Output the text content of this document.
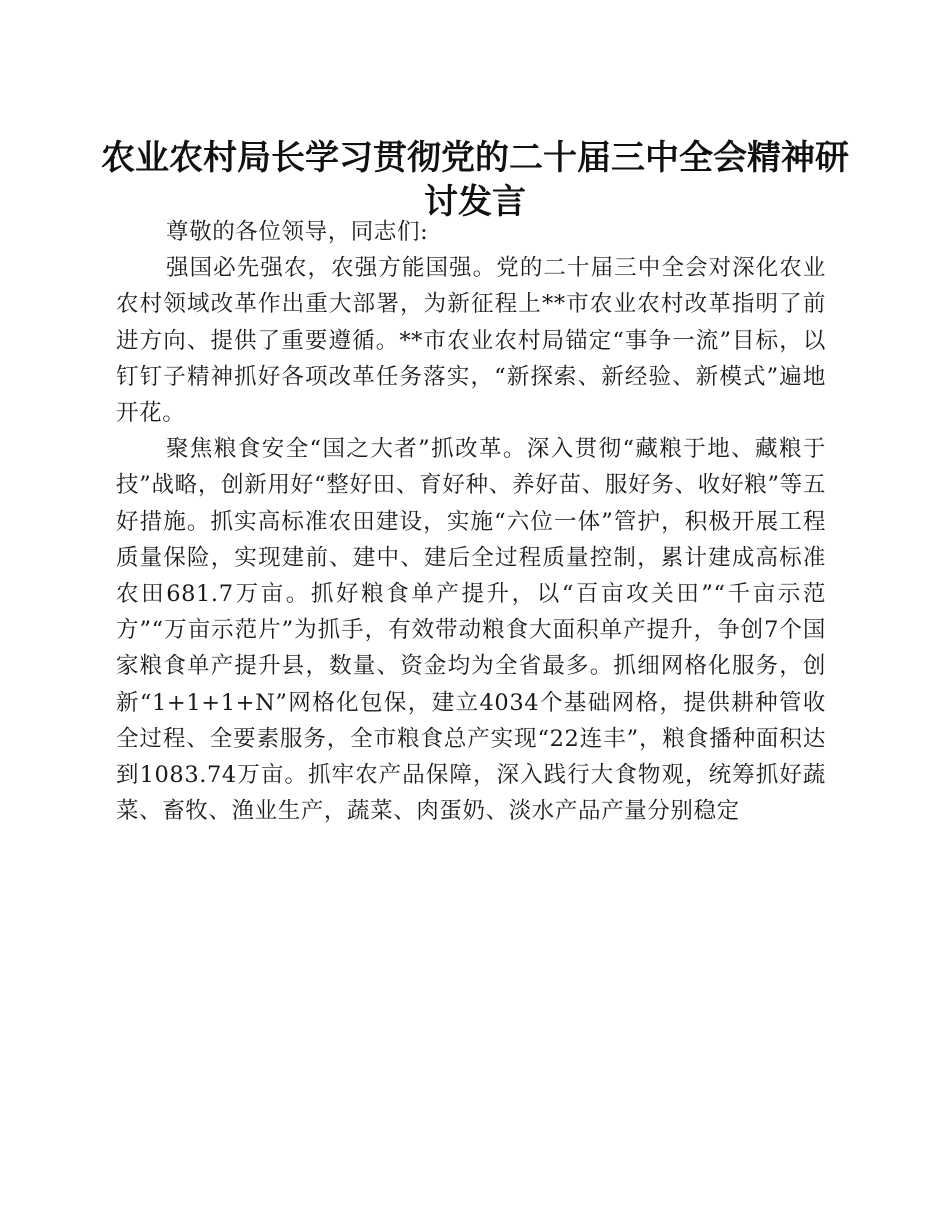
农业农村局长学习贯彻党的二十届三中全会精神研讨发言

尊敬的各位领导，同志们:

强国必先强农，农强方能国强。党的二十届三中全会对深化农业农村领域改革作出重大部署，为新征程上**市农业农村改革指明了前进方向、提供了重要遵循。**市农业农村局锚定“事争一流”目标，以钉钉子精神抓好各项改革任务落实，“新探索、新经验、新模式”遍地开花。

聚焦粮食安全“国之大者”抓改革。深入贯彻“藏粮于地、藏粮于技”战略，创新用好“整好田、育好种、养好苗、服好务、收好粮”等五好措施。抓实高标准农田建设，实施“六位一体”管护，积极开展工程质量保险，实现建前、建中、建后全过程质量控制，累计建成高标准农田681.7万亩。抓好粮食单产提升，以“百亩攻关田”“千亩示范方”“万亩示范片”为抓手，有效带动粮食大面积单产提升，争创7个国家粮食单产提升县，数量、资金均为全省最多。抓细网格化服务，创新“1+1+1+N”网格化包保，建立4034个基础网格，提供耕种管收全过程、全要素服务，全市粮食总产实现“22连丰”，粮食播种面积达到1083.74万亩。抓牢农产品保障，深入践行大食物观，统筹抓好蔬菜、畜牧、渔业生产，蔬菜、肉蛋奶、淡水产品产量分别稳定
